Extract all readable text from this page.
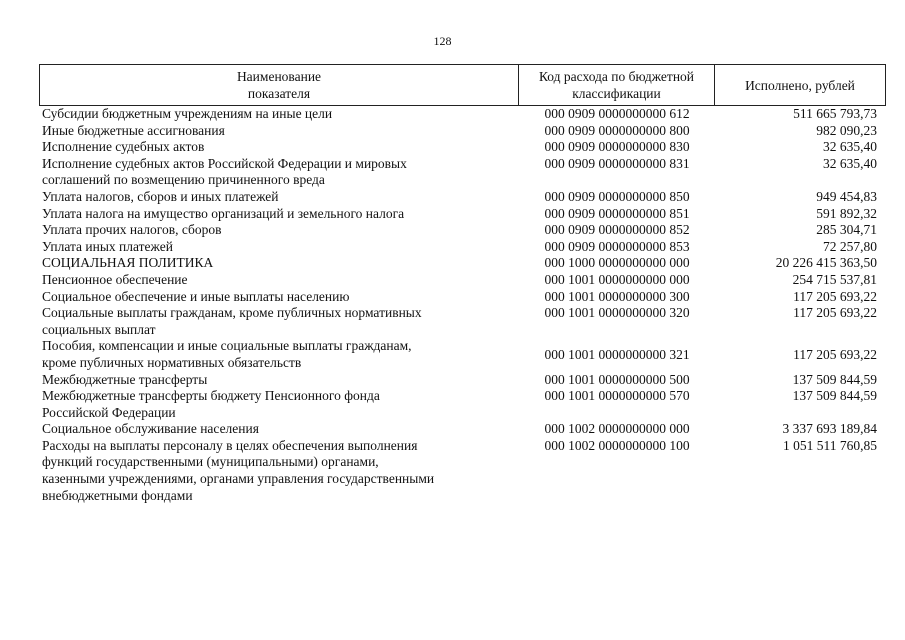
128
Наименование
показателя
Код расхода по бюджетной
классификации
Исполнено, рублей
Субсидии бюджетным учреждениям на иные цели	000 0909 0000000000 612	511 665 793,73
Иные бюджетные ассигнования	000 0909 0000000000 800	982 090,23
Исполнение судебных актов	000 0909 0000000000 830	32 635,40
Исполнение судебных актов Российской Федерации и мировых
соглашений по возмещению причиненного вреда
000 0909 0000000000 831	32 635,40
Уплата налогов, сборов и иных платежей	000 0909 0000000000 850	949 454,83
Уплата налога на имущество организаций и земельного налога	000 0909 0000000000 851	591 892,32
Уплата прочих налогов, сборов	000 0909 0000000000 852	285 304,71
Уплата иных платежей	000 0909 0000000000 853	72 257,80
СОЦИАЛЬНАЯ ПОЛИТИКА	000 1000 0000000000 000	20 226 415 363,50
Пенсионное обеспечение	000 1001 0000000000 000	254 715 537,81
Социальное обеспечение и иные выплаты населению	000 1001 0000000000 300	117 205 693,22
Социальные выплаты гражданам, кроме публичных нормативных
социальных выплат
000 1001 0000000000 320	117 205 693,22
Пособия, компенсации и иные социальные выплаты гражданам,
кроме публичных нормативных обязательств
000 1001 0000000000 321	117 205 693,22
Межбюджетные трансферты	000 1001 0000000000 500	137 509 844,59
Межбюджетные трансферты бюджету Пенсионного фонда
Российской Федерации
000 1001 0000000000 570	137 509 844,59
Социальное обслуживание населения	000 1002 0000000000 000	3 337 693 189,84
Расходы на выплаты персоналу в целях обеспечения выполнения
функций государственными (муниципальными) органами,
казенными учреждениями, органами управления государственными
внебюджетными фондами
000 1002 0000000000 100	1 051 511 760,85
